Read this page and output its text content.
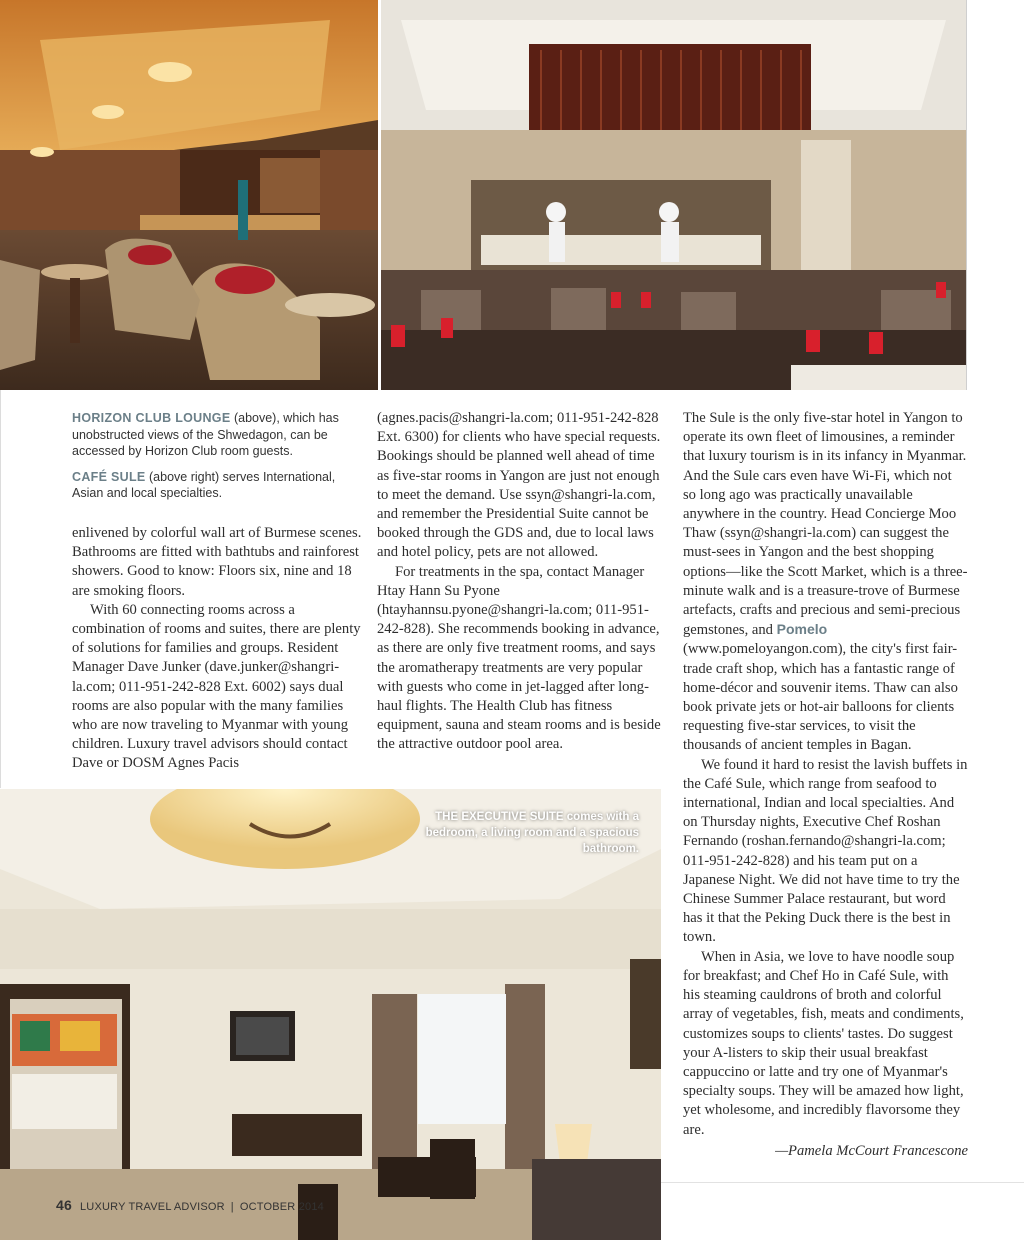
HORIZON CLUB LOUNGE (above), which has unobstructed views of the Shwedagon, can be accessed by Horizon Club room guests.

CAFÉ SULE (above right) serves International, Asian and local specialties.

enlivened by colorful wall art of Burmese scenes. Bathrooms are fitted with bathtubs and rainforest showers. Good to know: Floors six, nine and 18 are smoking floors.

With 60 connecting rooms across a combination of rooms and suites, there are plenty of solutions for families and groups. Resident Manager Dave Junker (dave.junker@shangri-la.com; 011-951-242-828 Ext. 6002) says dual rooms are also popular with the many families who are now traveling to Myanmar with young children. Luxury travel advisors should contact Dave or DOSM Agnes Pacis

(agnes.pacis@shangri-la.com; 011-951-242-828 Ext. 6300) for clients who have special requests. Bookings should be planned well ahead of time as five-star rooms in Yangon are just not enough to meet the demand. Use ssyn@shangri-la.com, and remember the Presidential Suite cannot be booked through the GDS and, due to local laws and hotel policy, pets are not allowed.

For treatments in the spa, contact Manager Htay Hann Su Pyone (htayhannsu.pyone@shangri-la.com; 011-951-242-828). She recommends booking in advance, as there are only five treatment rooms, and says the aromatherapy treatments are very popular with guests who come in jet-lagged after long-haul flights. The Health Club has fitness equipment, sauna and steam rooms and is beside the attractive outdoor pool area.

The Sule is the only five-star hotel in Yangon to operate its own fleet of limousines, a reminder that luxury tourism is in its infancy in Myanmar. And the Sule cars even have Wi-Fi, which not so long ago was practically unavailable anywhere in the country. Head Concierge Moo Thaw (ssyn@shangri-la.com) can suggest the must-sees in Yangon and the best shopping options—like the Scott Market, which is a three-minute walk and is a treasure-trove of Burmese artefacts, crafts and precious and semi-precious gemstones, and Pomelo (www.pomeloyangon.com), the city's first fair-trade craft shop, which has a fantastic range of home-décor and souvenir items. Thaw can also book private jets or hot-air balloons for clients requesting five-star services, to visit the thousands of ancient temples in Bagan.

We found it hard to resist the lavish buffets in the Café Sule, which range from seafood to international, Indian and local specialties. And on Thursday nights, Executive Chef Roshan Fernando (roshan.fernando@shangri-la.com; 011-951-242-828) and his team put on a Japanese Night. We did not have time to try the Chinese Summer Palace restaurant, but word has it that the Peking Duck there is the best in town.

When in Asia, we love to have noodle soup for breakfast; and Chef Ho in Café Sule, with his steaming cauldrons of broth and colorful array of vegetables, fish, meats and condiments, customizes soups to clients' tastes. Do suggest your A-listers to skip their usual breakfast cappuccino or latte and try one of Myanmar's specialty soups. They will be amazed how light, yet wholesome, and incredibly flavorsome they are.

—Pamela McCourt Francescone

THE EXECUTIVE SUITE comes with a bedroom, a living room and a spacious bathroom.
46 LUXURY TRAVEL ADVISOR | OCTOBER 2014
